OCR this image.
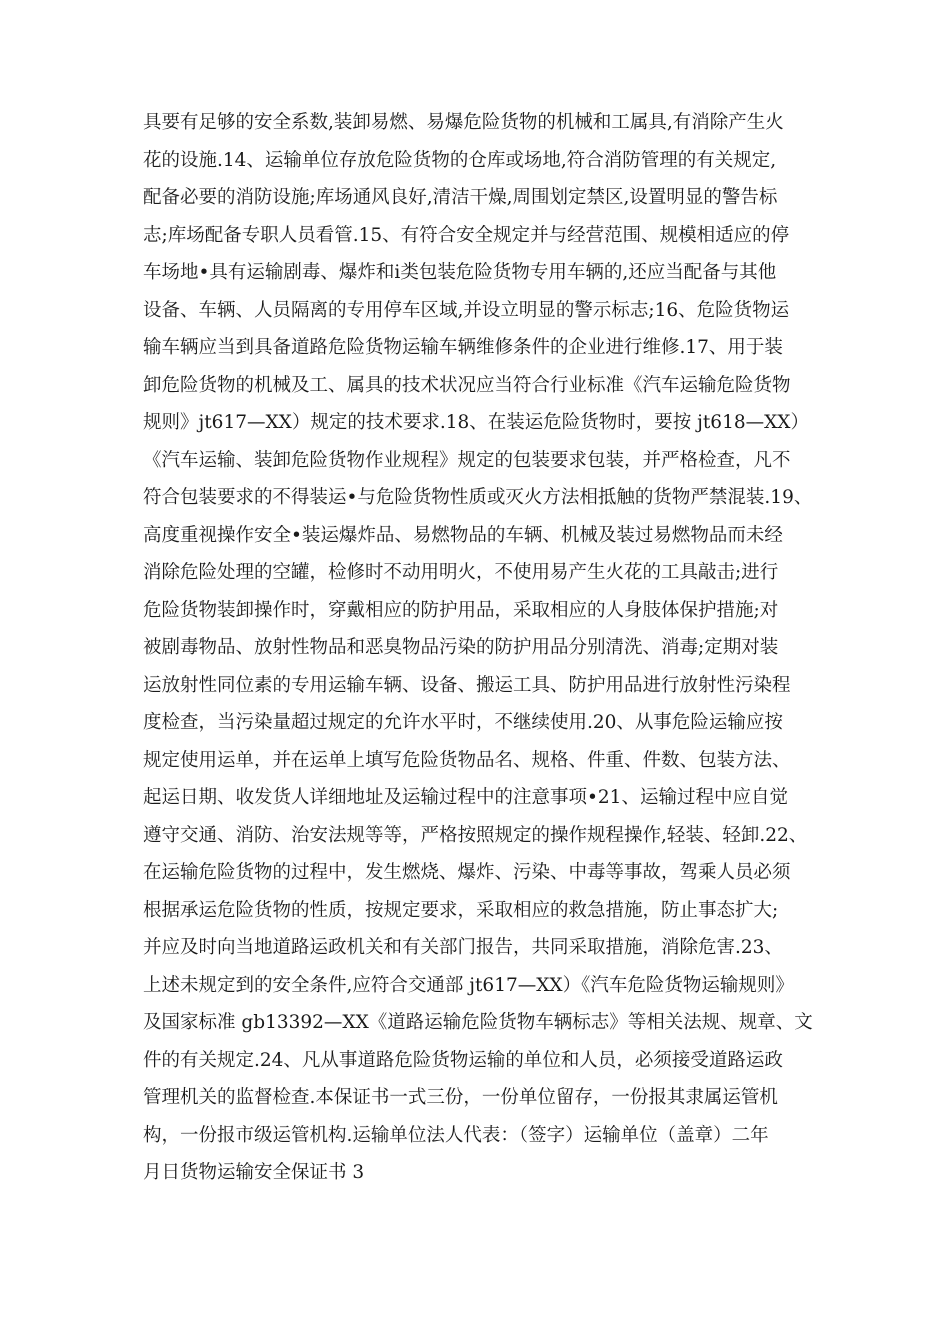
具要有足够的安全系数,装卸易燃、易爆危险货物的机械和工属具,有消除产生火
花的设施.14、运输单位存放危险货物的仓库或场地,符合消防管理的有关规定,
配备必要的消防设施;库场通风良好,清洁干燥,周围划定禁区,设置明显的警告标
志;库场配备专职人员看管.15、有符合安全规定并与经营范围、规模相适应的停
车场地•具有运输剧毒、爆炸和ⅰ类包装危险货物专用车辆的,还应当配备与其他
设备、车辆、人员隔离的专用停车区域,并设立明显的警示标志;16、危险货物运
输车辆应当到具备道路危险货物运输车辆维修条件的企业进行维修.17、用于装
卸危险货物的机械及工、属具的技术状况应当符合行业标准《汽车运输危险货物
规则》jt617—XX）规定的技术要求.18、在装运危险货物时，要按 jt618—XX）
《汽车运输、装卸危险货物作业规程》规定的包装要求包装，并严格检查，凡不
符合包装要求的不得装运•与危险货物性质或灭火方法相抵触的货物严禁混装.19、
高度重视操作安全•装运爆炸品、易燃物品的车辆、机械及装过易燃物品而未经
消除危险处理的空罐，检修时不动用明火，不使用易产生火花的工具敲击;进行
危险货物装卸操作时，穿戴相应的防护用品，采取相应的人身肢体保护措施;对
被剧毒物品、放射性物品和恶臭物品污染的防护用品分别清洗、消毒;定期对装
运放射性同位素的专用运输车辆、设备、搬运工具、防护用品进行放射性污染程
度检查，当污染量超过规定的允许水平时，不继续使用.20、从事危险运输应按
规定使用运单，并在运单上填写危险货物品名、规格、件重、件数、包装方法、
起运日期、收发货人详细地址及运输过程中的注意事项•21、运输过程中应自觉
遵守交通、消防、治安法规等等，严格按照规定的操作规程操作,轻装、轻卸.22、
在运输危险货物的过程中，发生燃烧、爆炸、污染、中毒等事故，驾乘人员必须
根据承运危险货物的性质，按规定要求，采取相应的救急措施，防止事态扩大;
并应及时向当地道路运政机关和有关部门报告，共同采取措施，消除危害.23、
上述未规定到的安全条件,应符合交通部 jt617—XX）《汽车危险货物运输规则》
及国家标准 gb13392—XX《道路运输危险货物车辆标志》等相关法规、规章、文
件的有关规定.24、凡从事道路危险货物运输的单位和人员，必须接受道路运政
管理机关的监督检查.本保证书一式三份，一份单位留存，一份报其隶属运管机
构，一份报市级运管机构.运输单位法人代表：（签字）运输单位（盖章）二年
月日货物运输安全保证书 3
